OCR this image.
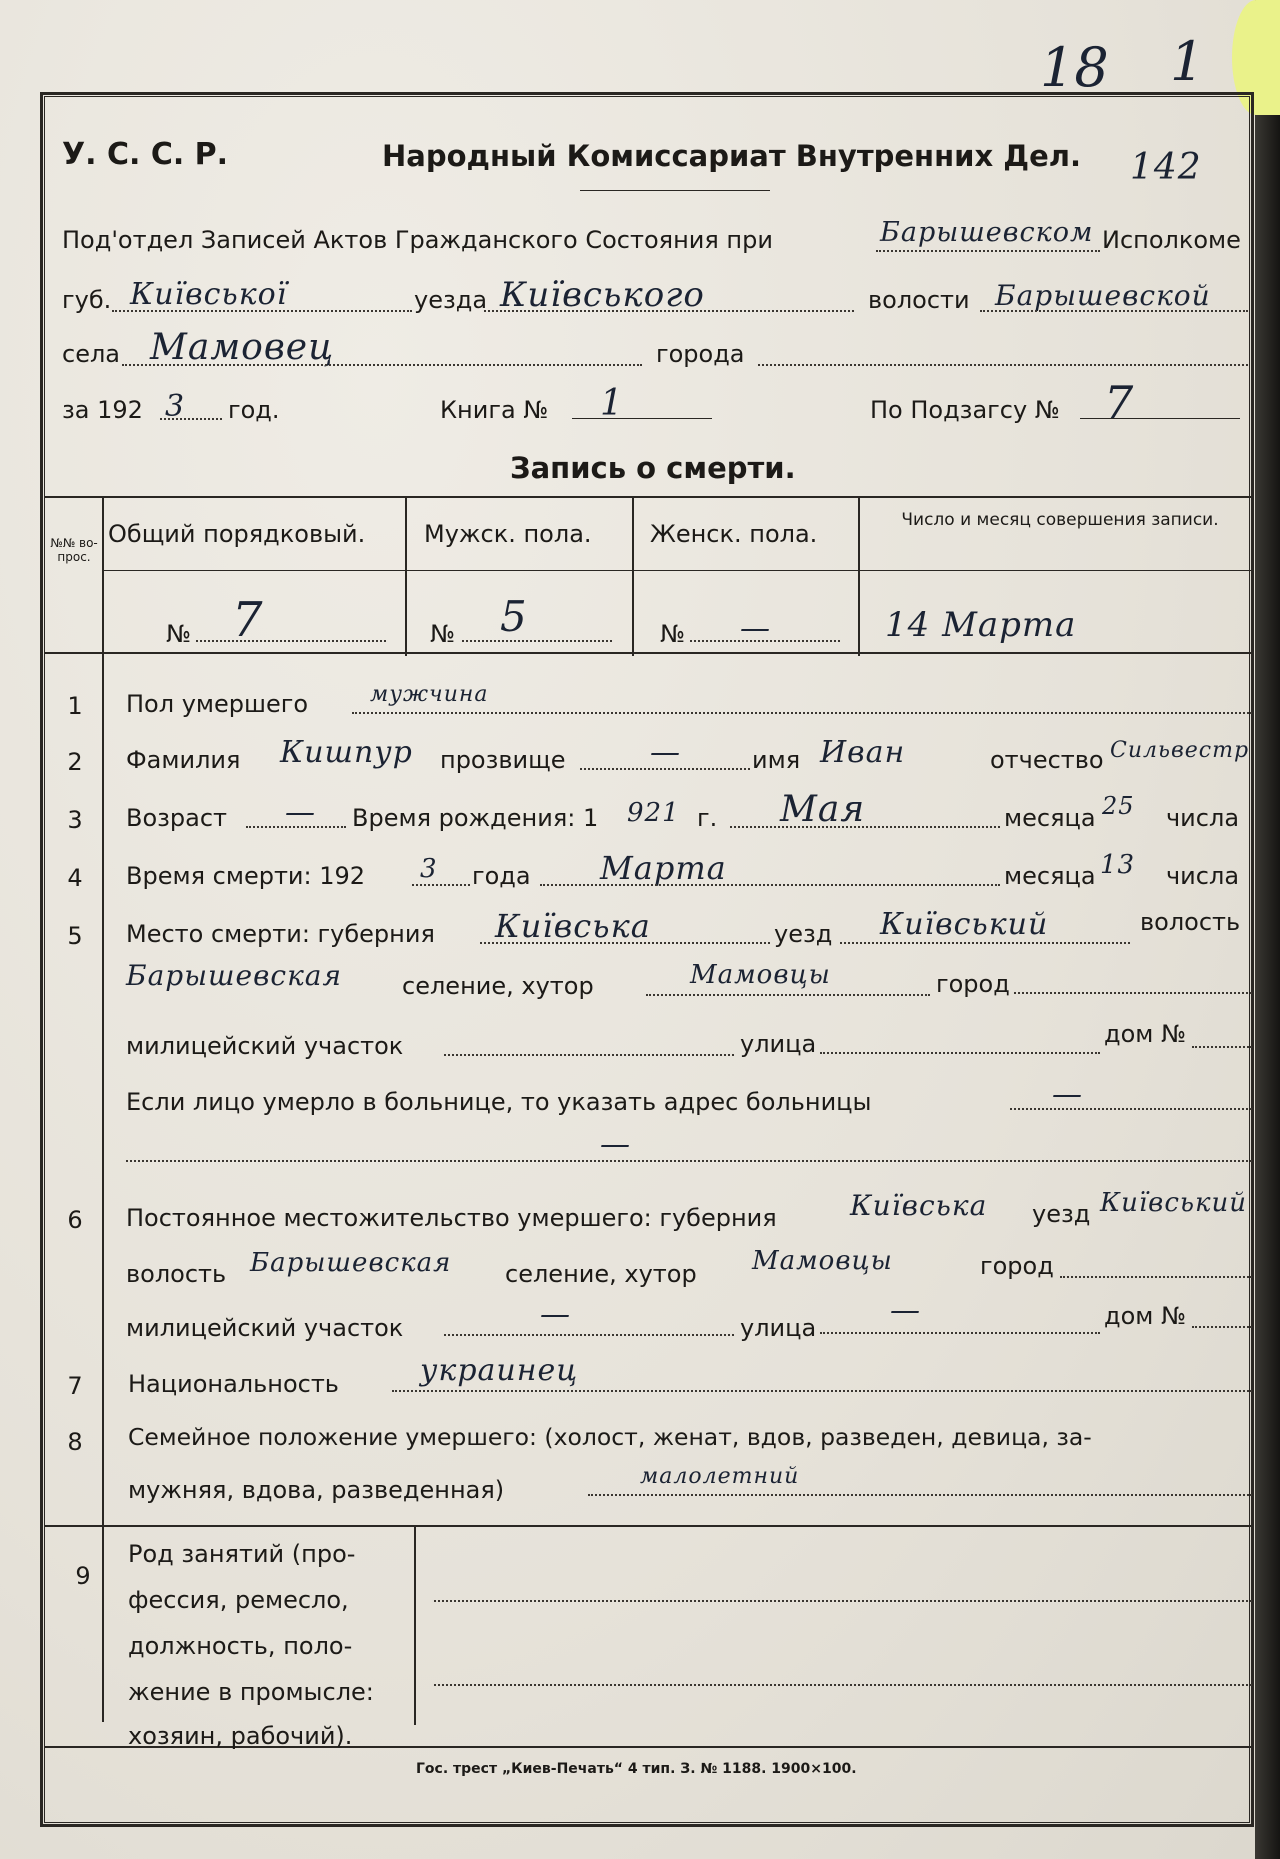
18 1
У. С. С. Р.	Народный Комиссариат Внутренних Дел. 142
Под'отдел Записей Актов Гражданского Состояния при	Барышевском Исполкоме
губ. Київської	уезда Київського	волости Барышевской
села Мамовец	города
за 192 3 год.	Книга № 1	По Подзагсу № 7
Запись о смерти.
№№ во-прос.
Общий порядковый. Мужск. пола. Женск. пола.	Число и месяц совершения записи.
№ 7	№ 5	№ —	14 Марта
1	Пол умершего	мужчина
2	Фамилия Кишпур прозвище	—	имя Иван	отчество Сильвестр
3	Возраст — Время рождения: 1 921 г. Мая	месяца 25 числа
4	Время смерти: 192 3 года Марта	месяца 13 числа
5	Место смерти: губерния Київська	уезд Київський	волость
Барышевская селение, хутор	Мамовцы	город
милицейский участок	улица	дом №
Если лицо умерло в больнице, то указать адрес больницы	—
—
6	Постоянное местожительство умершего: губерния	Київська уезд Київський
волость Барышевская селение, хутор Мамовцы	город
милицейский участок	—	улица —	дом №
7	Национальность	украинец
8	Семейное положение умершего: (холост, женат, вдов, разведен, девица, за-
мужняя, вдова, разведенная)	малолетний
9
Род занятий (про-
фессия, ремесло,
должность, поло-
жение в промысле:
хозяин, рабочий).
Гос. трест „Киев-Печать“ 4 тип. З. № 1188. 1900×100.
